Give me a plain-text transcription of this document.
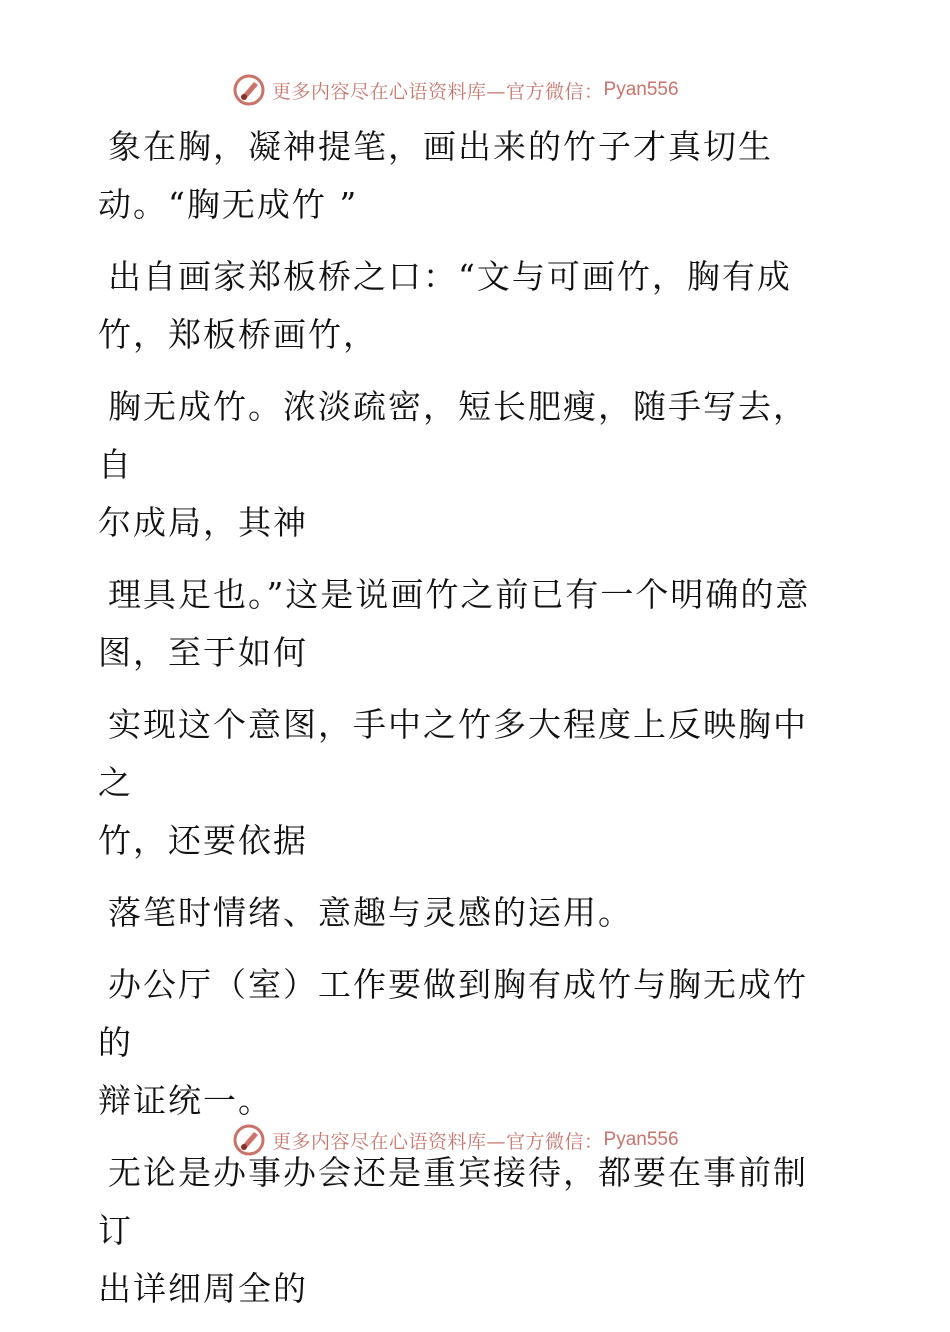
更多内容尽在心语资料库—官方微信： Pyan556

象在胸，凝神提笔，画出来的竹子才真切生
动。“胸无成竹 ”

出自画家郑板桥之口：“文与可画竹，胸有成
竹，郑板桥画竹，

胸无成竹。浓淡疏密，短长肥瘦，随手写去，自
尔成局，其神

理具足也。”这是说画竹之前已有一个明确的意
图，至于如何

实现这个意图，手中之竹多大程度上反映胸中之
竹，还要依据

落笔时情绪、意趣与灵感的运用。

办公厅（室）工作要做到胸有成竹与胸无成竹的
辩证统一。

无论是办事办会还是重宾接待，都要在事前制订
出详细周全的

更多内容尽在心语资料库—官方微信： Pyan556
